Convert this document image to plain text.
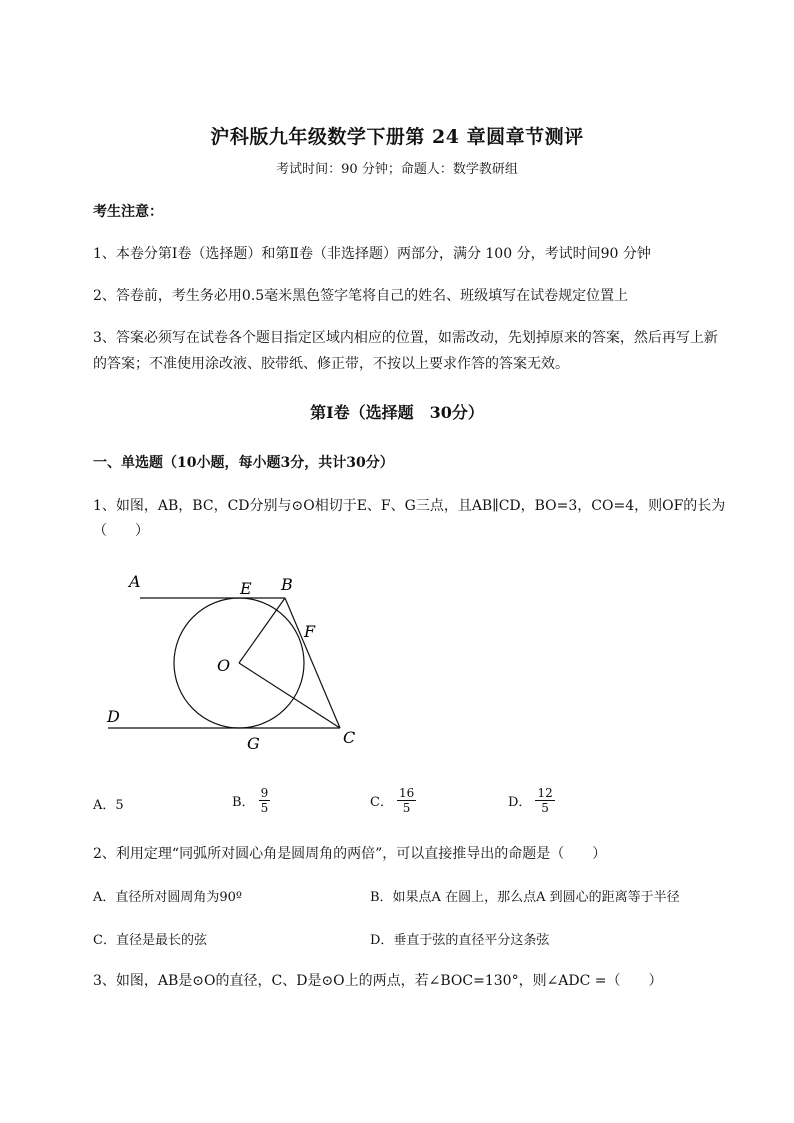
沪科版九年级数学下册第 24 章圆章节测评
考试时间：90 分钟；命题人：数学教研组
考生注意：
1、本卷分第Ⅰ卷（选择题）和第Ⅱ卷（非选择题）两部分，满分 100 分，考试时间90 分钟
2、答卷前，考生务必用0.5毫米黑色签字笔将自己的姓名、班级填写在试卷规定位置上
3、答案必须写在试卷各个题目指定区域内相应的位置，如需改动，先划掉原来的答案，然后再写上新
的答案；不准使用涂改液、胶带纸、修正带，不按以上要求作答的答案无效。
第Ⅰ卷（选择题　30分）
一、单选题（10小题，每小题3分，共计30分）
1、如图，AB，BC，CD分别与⊙O相切于E、F、G三点，且AB∥CD，BO=3，CO=4，则OF的长为
（　　）
A	E B
F
O
D
G	C
A．5	B． $\frac{9}{5}$	C． $\frac{16}{5}$	D． $\frac{12}{5}$
2、利用定理“同弧所对圆心角是圆周角的两倍”，可以直接推导出的命题是（　　）
A．直径所对圆周角为90º	B．如果点A 在圆上，那么点A 到圆心的距离等于半径
C．直径是最长的弦	D．垂直于弦的直径平分这条弦
3、如图，AB是⊙O的直径，C、D是⊙O上的两点，若∠BOC=130°，则∠ADC =（　　）
